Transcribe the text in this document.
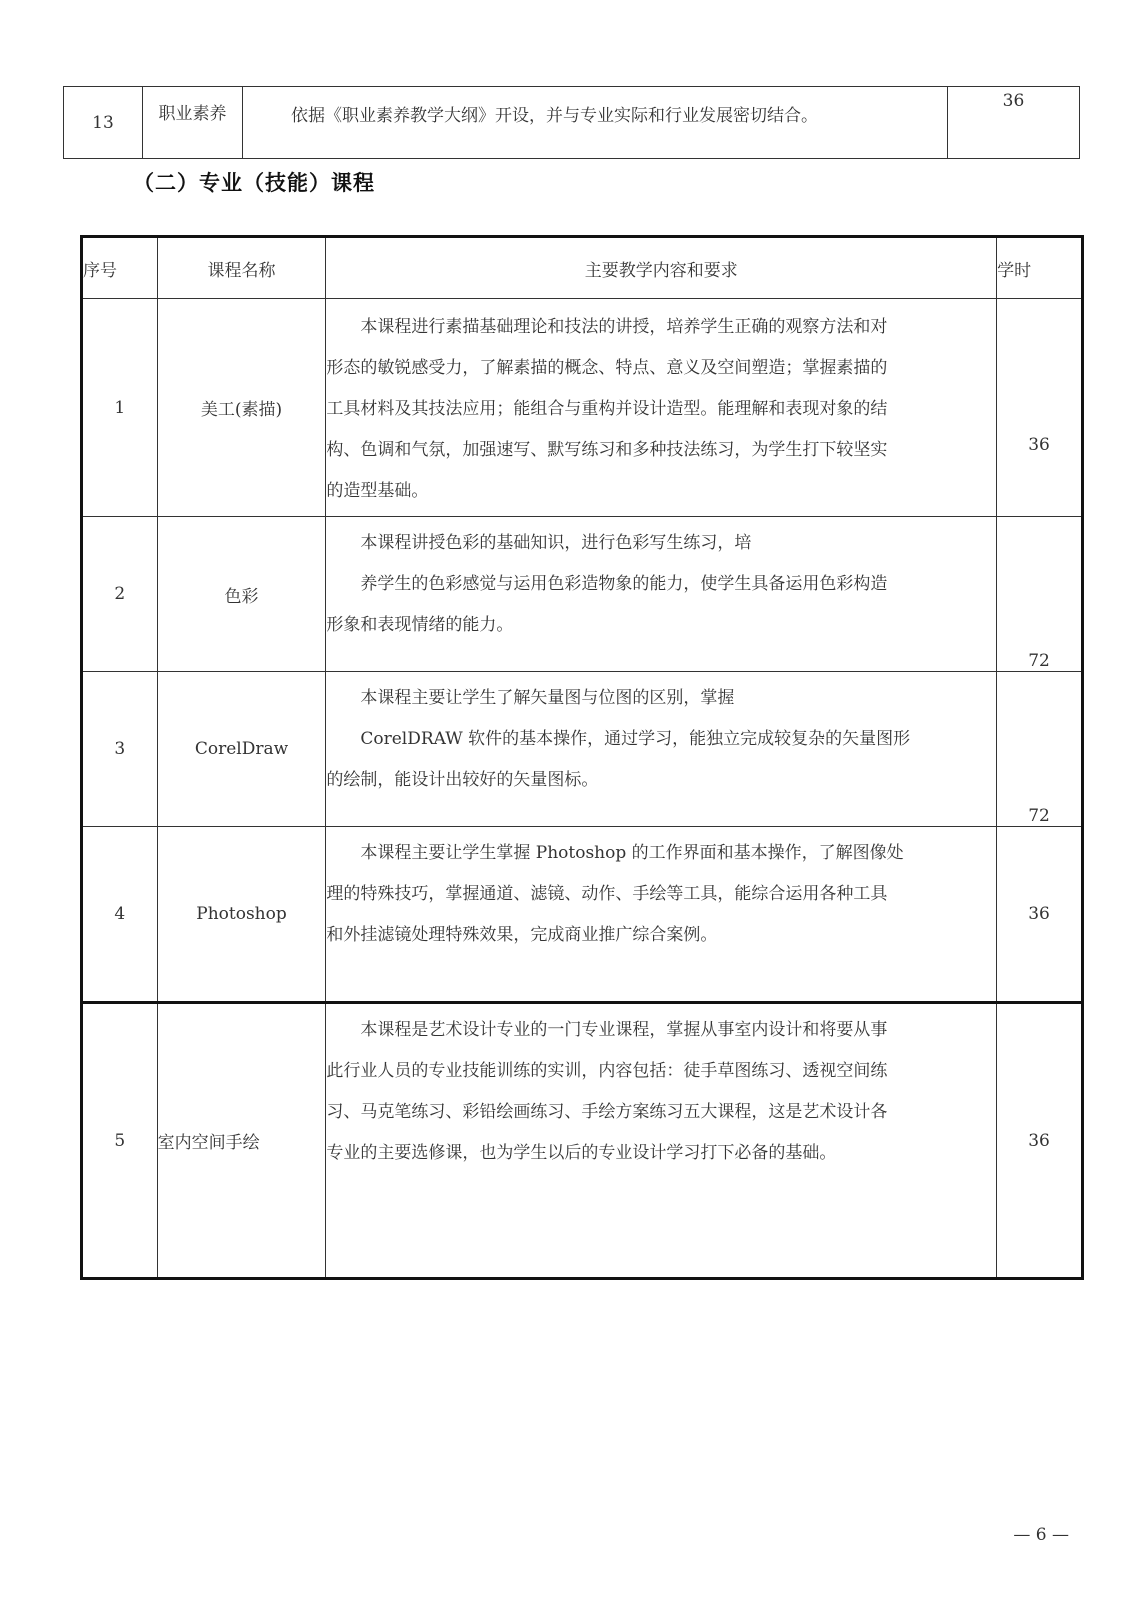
13	职业素养	依据《职业素养教学大纲》开设，并与专业实际和行业发展密切结合。	36
（二）专业（技能）课程
序号	课程名称	主要教学内容和要求	学时
1	美工(素描)	本课程进行素描基础理论和技法的讲授，培养学生正确的观察方法和对

形态的敏锐感受力，了解素描的概念、特点、意义及空间塑造；掌握素描的

工具材料及其技法应用；能组合与重构并设计造型。能理解和表现对象的结

构、色调和气氛，加强速写、默写练习和多种技法练习，为学生打下较坚实

的造型基础。	36
2	色彩	本课程讲授色彩的基础知识，进行色彩写生练习，培

养学生的色彩感觉与运用色彩造物象的能力，使学生具备运用色彩构造

形象和表现情绪的能力。	72
3	CorelDraw	本课程主要让学生了解矢量图与位图的区别，掌握

CorelDRAW 软件的基本操作，通过学习，能独立完成较复杂的矢量图形

的绘制，能设计出较好的矢量图标。	72
4	Photoshop	本课程主要让学生掌握 Photoshop 的工作界面和基本操作，了解图像处

理的特殊技巧，掌握通道、滤镜、动作、手绘等工具，能综合运用各种工具

和外挂滤镜处理特殊效果，完成商业推广综合案例。	36
5	室内空间手绘	本课程是艺术设计专业的一门专业课程，掌握从事室内设计和将要从事

此行业人员的专业技能训练的实训，内容包括：徒手草图练习、透视空间练

习、马克笔练习、彩铅绘画练习、手绘方案练习五大课程，这是艺术设计各

专业的主要选修课，也为学生以后的专业设计学习打下必备的基础。	36
— 6 —
